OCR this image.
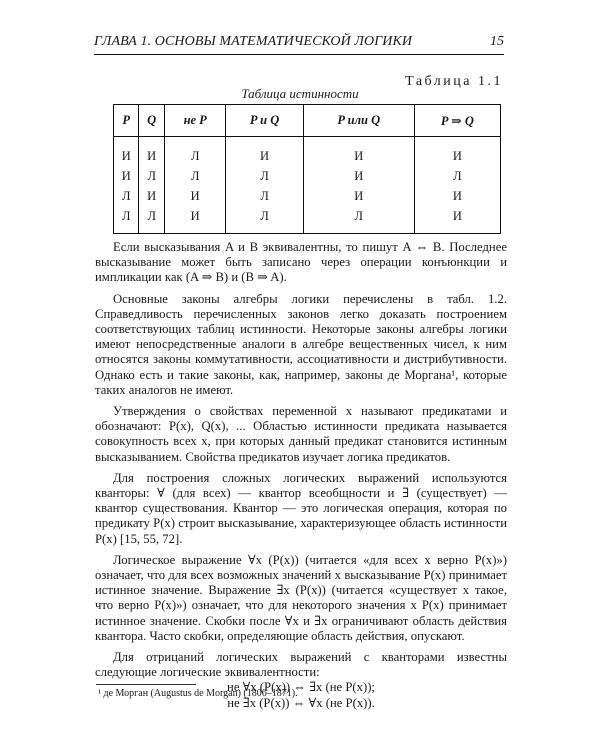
ГЛАВА 1. ОСНОВЫ МАТЕМАТИЧЕСКОЙ ЛОГИКИ	15
Таблица 1.1
Таблица истинности
P	Q	не P	P и Q	P или Q	P ⇒ Q
И	И	Л	И	И	И
И	Л	Л	Л	И	Л
Л	И	И	Л	И	И
Л	Л	И	Л	Л	И

Если высказывания A и B эквивалентны, то пишут A ⇔ B. Последнее высказывание может быть записано через операции конъюнкции и импликации как (A ⇒ B) и (B ⇒ A).

Основные законы алгебры логики перечислены в табл. 1.2. Справедливость перечисленных законов легко доказать построением соответствующих таблиц истинности. Некоторые законы алгебры логики имеют непосредственные аналоги в алгебре вещественных чисел, к ним относятся законы коммутативности, ассоциативности и дистрибутивности. Однако есть и такие законы, как, например, законы де Моргана¹, которые таких аналогов не имеют.

Утверждения о свойствах переменной x называют предикатами и обозначают: P(x), Q(x), ... Областью истинности предиката называется совокупность всех x, при которых данный предикат становится истинным высказыванием. Свойства предикатов изучает логика предикатов.

Для построения сложных логических выражений используются кванторы: ∀ (для всех) — квантор всеобщности и ∃ (существует) — квантор существования. Квантор — это логическая операция, которая по предикату P(x) строит высказывание, характеризующее область истинности P(x) [15, 55, 72].

Логическое выражение ∀x (P(x)) (читается «для всех x верно P(x)») означает, что для всех возможных значений x высказывание P(x) принимает истинное значение. Выражение ∃x (P(x)) (читается «существует x такое, что верно P(x)») означает, что для некоторого значения x P(x) принимает истинное значение. Скобки после ∀x и ∃x ограничивают область действия квантора. Часто скобки, определяющие область действия, опускают.

Для отрицаний логических выражений с кванторами известны следующие логические эквивалентности:

не ∀x (P(x)) ⇔ ∃x (не P(x));

не ∃x (P(x)) ⇔ ∀x (не P(x)).

¹ де Морган (Augustus de Morgan) (1806–1871).
